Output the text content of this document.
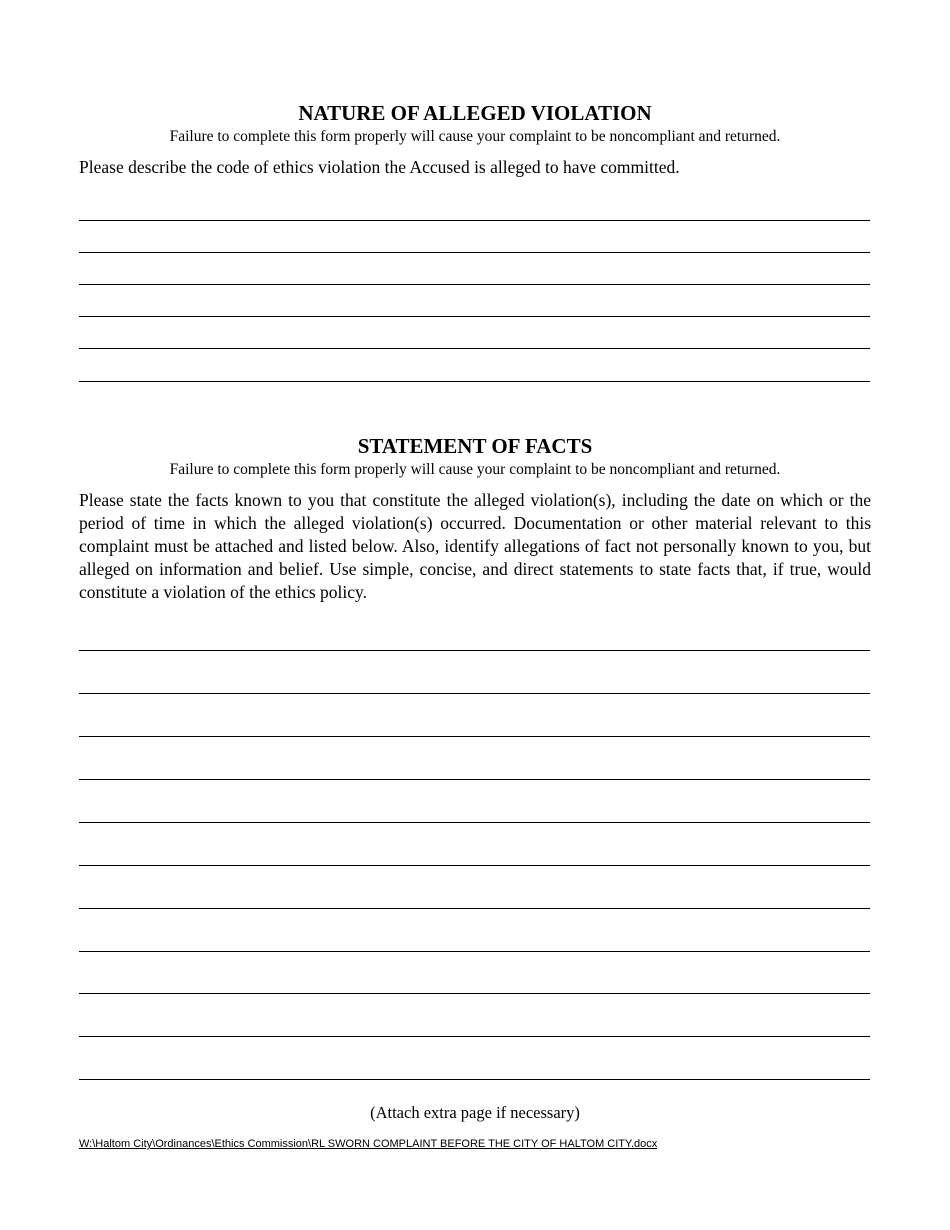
NATURE OF ALLEGED VIOLATION

Failure to complete this form properly will cause your complaint to be noncompliant and returned.

Please describe the code of ethics violation the Accused is alleged to have committed.

STATEMENT OF FACTS

Failure to complete this form properly will cause your complaint to be noncompliant and returned.

Please state the facts known to you that constitute the alleged violation(s), including the date on which or the period of time in which the alleged violation(s) occurred. Documentation or other material relevant to this complaint must be attached and listed below. Also, identify allegations of fact not personally known to you, but alleged on information and belief. Use simple, concise, and direct statements to state facts that, if true, would constitute a violation of the ethics policy.

(Attach extra page if necessary)

W:\Haltom City\Ordinances\Ethics Commission\RL SWORN COMPLAINT BEFORE THE CITY OF HALTOM CITY.docx
